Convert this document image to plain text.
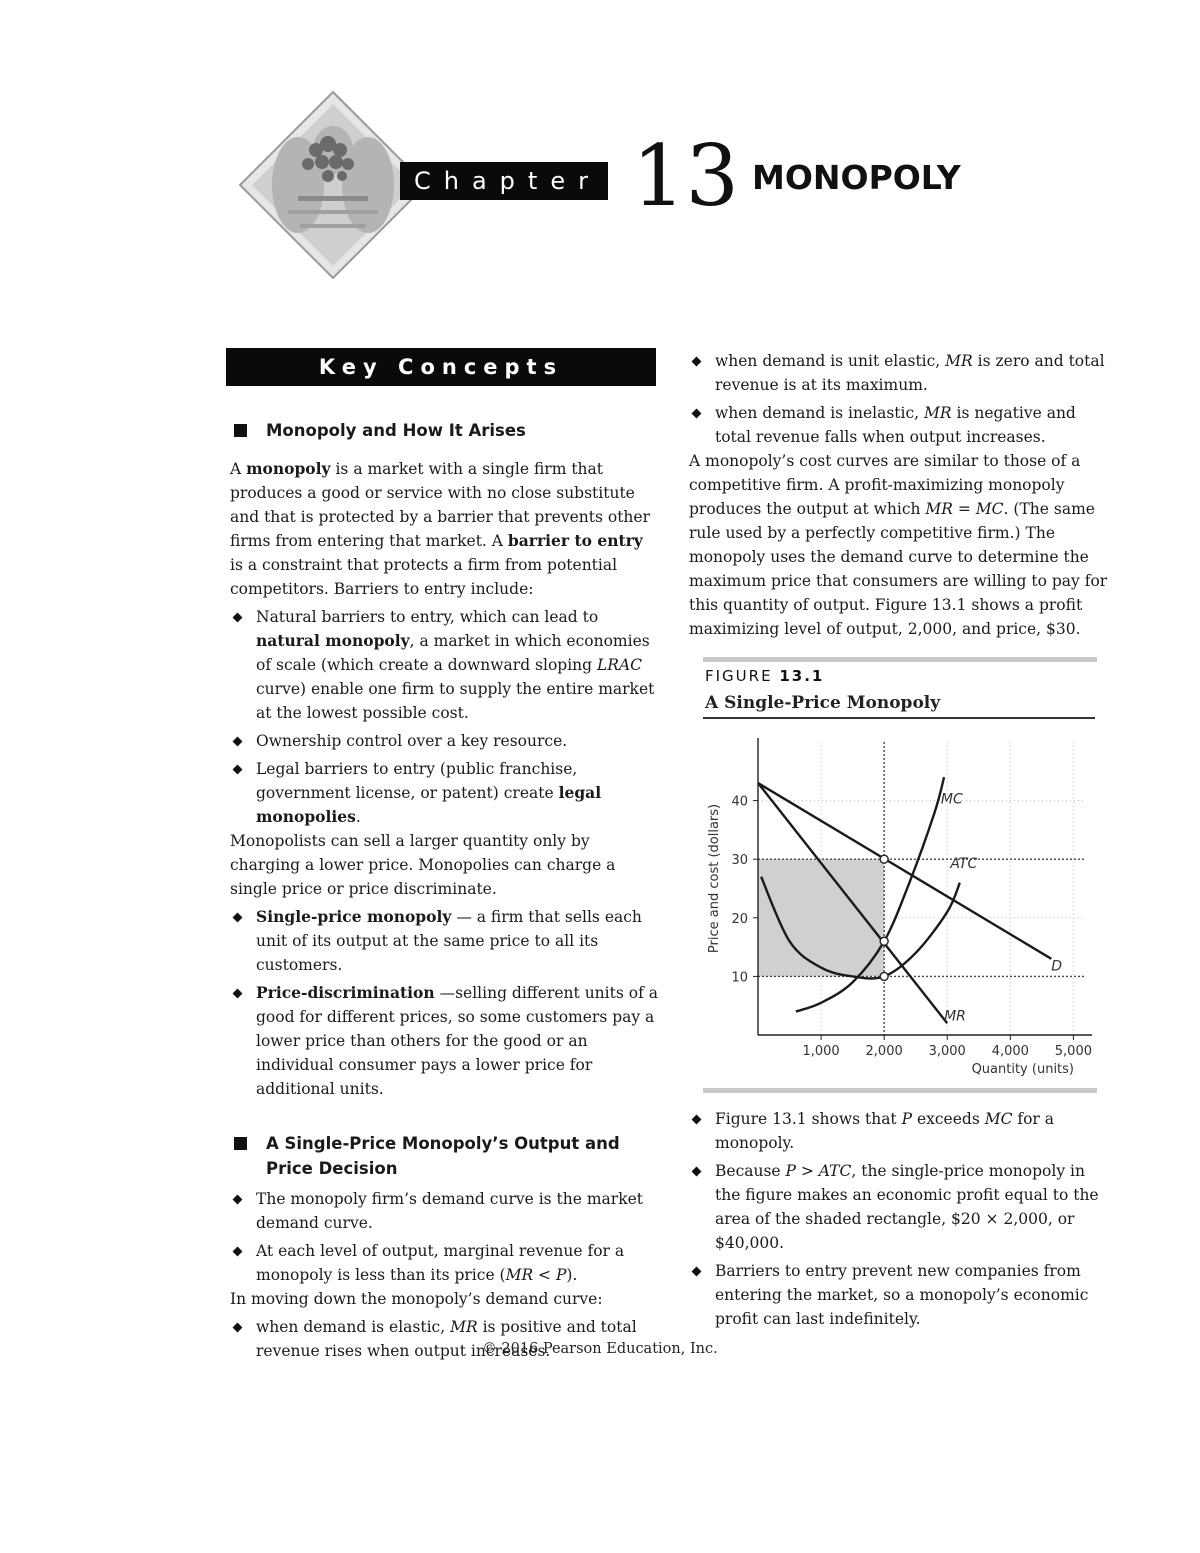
Chapter 13 MONOPOLY
Key Concepts
Monopoly and How It Arises

A monopoly is a market with a single firm that produces a good or service with no close substitute and that is protected by a barrier that prevents other firms from entering that market. A barrier to entry is a constraint that protects a firm from potential competitors. Barriers to entry include:

Natural barriers to entry, which can lead to natural monopoly, a market in which economies of scale (which create a downward sloping LRAC curve) enable one firm to supply the entire market at the lowest possible cost.
Ownership control over a key resource.
Legal barriers to entry (public franchise, government license, or patent) create legal monopolies.

Monopolists can sell a larger quantity only by charging a lower price. Monopolies can charge a single price or price discriminate.

Single-price monopoly — a firm that sells each unit of its output at the same price to all its customers.
Price-discrimination —selling different units of a good for different prices, so some customers pay a lower price than others for the good or an individual consumer pays a lower price for additional units.
A Single-Price Monopoly’s Output and Price Decision
The monopoly firm’s demand curve is the market demand curve.
At each level of output, marginal revenue for a monopoly is less than its price (MR < P).

In moving down the monopoly’s demand curve:

when demand is elastic, MR is positive and total revenue rises when output increases.
when demand is unit elastic, MR is zero and total revenue is at its maximum.
when demand is inelastic, MR is negative and total revenue falls when output increases.

A monopoly’s cost curves are similar to those of a competitive firm. A profit-maximizing monopoly produces the output at which MR = MC. (The same rule used by a perfectly competitive firm.) The monopoly uses the demand curve to determine the maximum price that consumers are willing to pay for this quantity of output. Figure 13.1 shows a profit maximizing level of output, 2,000, and price, $30.

FIGURE 13.1
A Single-Price Monopoly
1,000 2,000 3,000 4,000 5,000
10
20
30
40
Quantity (units)
Price and cost (dollars)
MC
ATC
D
MR
Figure 13.1 shows that P exceeds MC for a monopoly.
Because P > ATC, the single-price monopoly in the figure makes an economic profit equal to the area of the shaded rectangle, $20 × 2,000, or $40,000.
Barriers to entry prevent new companies from entering the market, so a monopoly’s economic profit can last indefinitely.
© 2016 Pearson Education, Inc.
